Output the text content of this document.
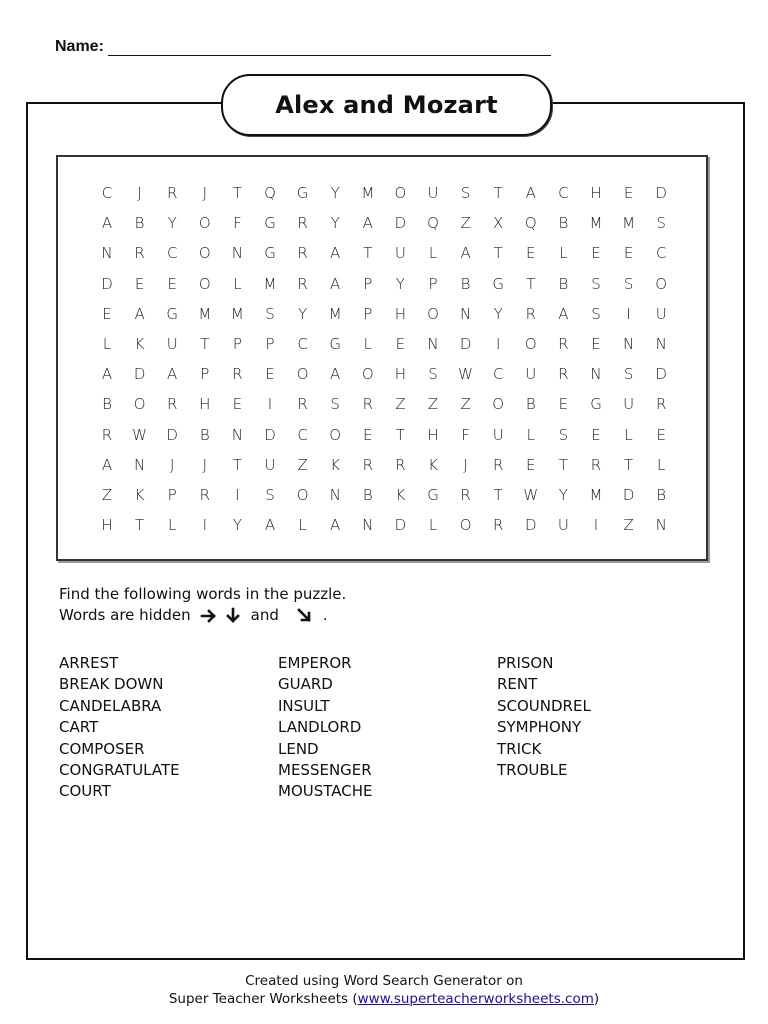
Name:
Alex and Mozart
C	J	R	J	T	Q G	Y	M O	U	S	T	A	C	H	E	D
A	B	Y	O	F	G	R	Y	A	D Q	Z	X	Q	B	M M	S
N	R	C	O N G	R	A	T	U	L	A	T	E	L	E	E	C
D	E	E	O	L	M	R	A	P	Y	P	B	G	T	B	S	S	O
E	A	G M M	S	Y	M	P	H O N	Y	R	A	S	I	U
L	K	U	T	P	P	C	G	L	E	N D	I	O	R	E	N N
A	D	A	P	R	E	O	A	O H	S	W	C	U	R	N	S	D
B	O	R	H	E	I	R	S	R	Z	Z	Z	O	B	E	G	U	R
R	W D	B	N D	C	O	E	T	H	F	U	L	S	E	L	E
A	N	J	J	T	U	Z	K	R	R	K	J	R	E	T	R	T	L
Z	K	P	R	I	S	O N	B	K	G	R	T	W	Y	M D	B
H	T	L	I	Y	A	L	A	N D	L	O	R	D	U	I	Z	N
Find the following words in the puzzle.
Words are hidden	and	.
ARREST
BREAK DOWN
CANDELABRA
CART
COMPOSER
CONGRATULATE
COURT
EMPEROR
GUARD
INSULT
LANDLORD
LEND
MESSENGER
MOUSTACHE
PRISON
RENT
SCOUNDREL
SYMPHONY
TRICK
TROUBLE
Created using Word Search Generator on
Super Teacher Worksheets (www.superteacherworksheets.com)
